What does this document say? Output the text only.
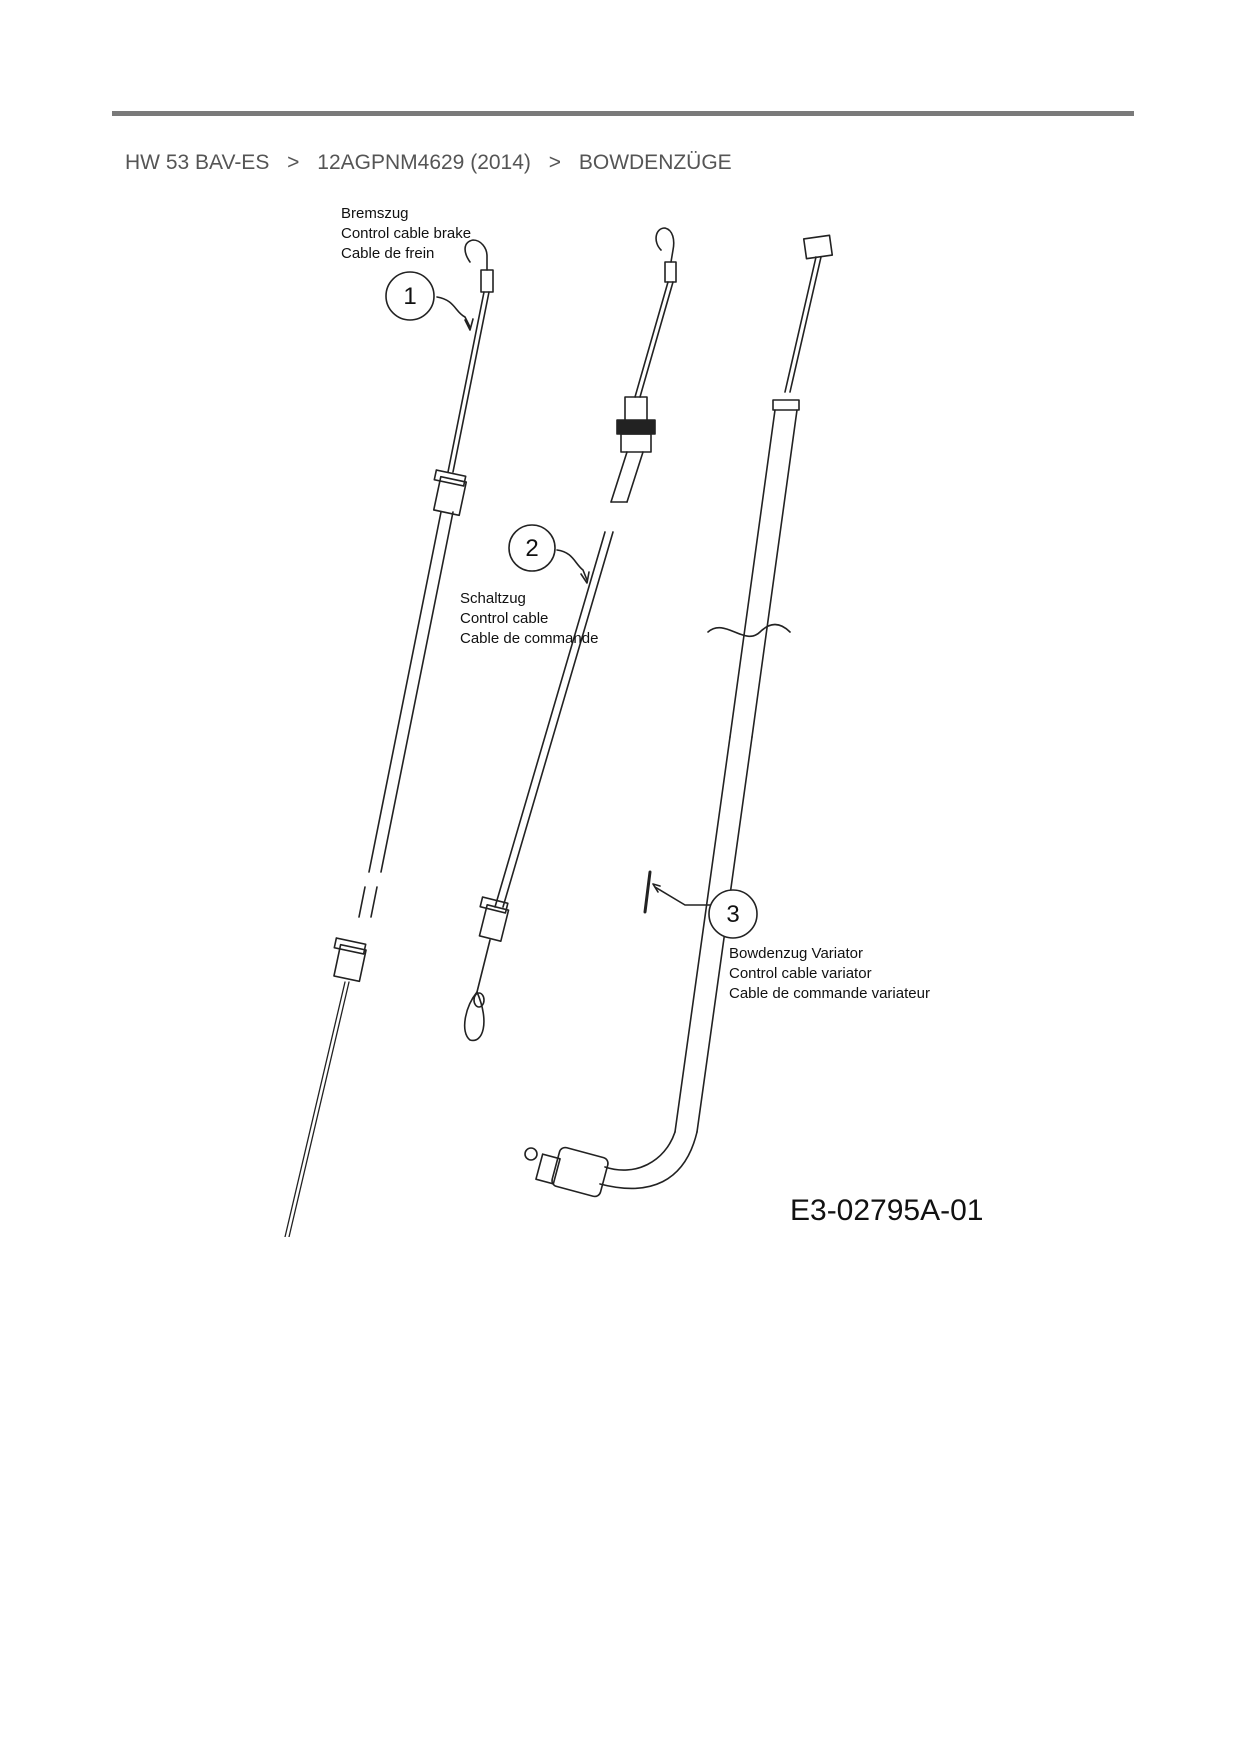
HW 53 BAV-ES > 12AGPNM4629 (2014) > BOWDENZÜGE
1
2
3
Bremszug
Control cable brake
Cable de frein
Schaltzug
Control cable
Cable de commande
Bowdenzug Variator
Control cable variator
Cable de commande variateur
E3-02795A-01
